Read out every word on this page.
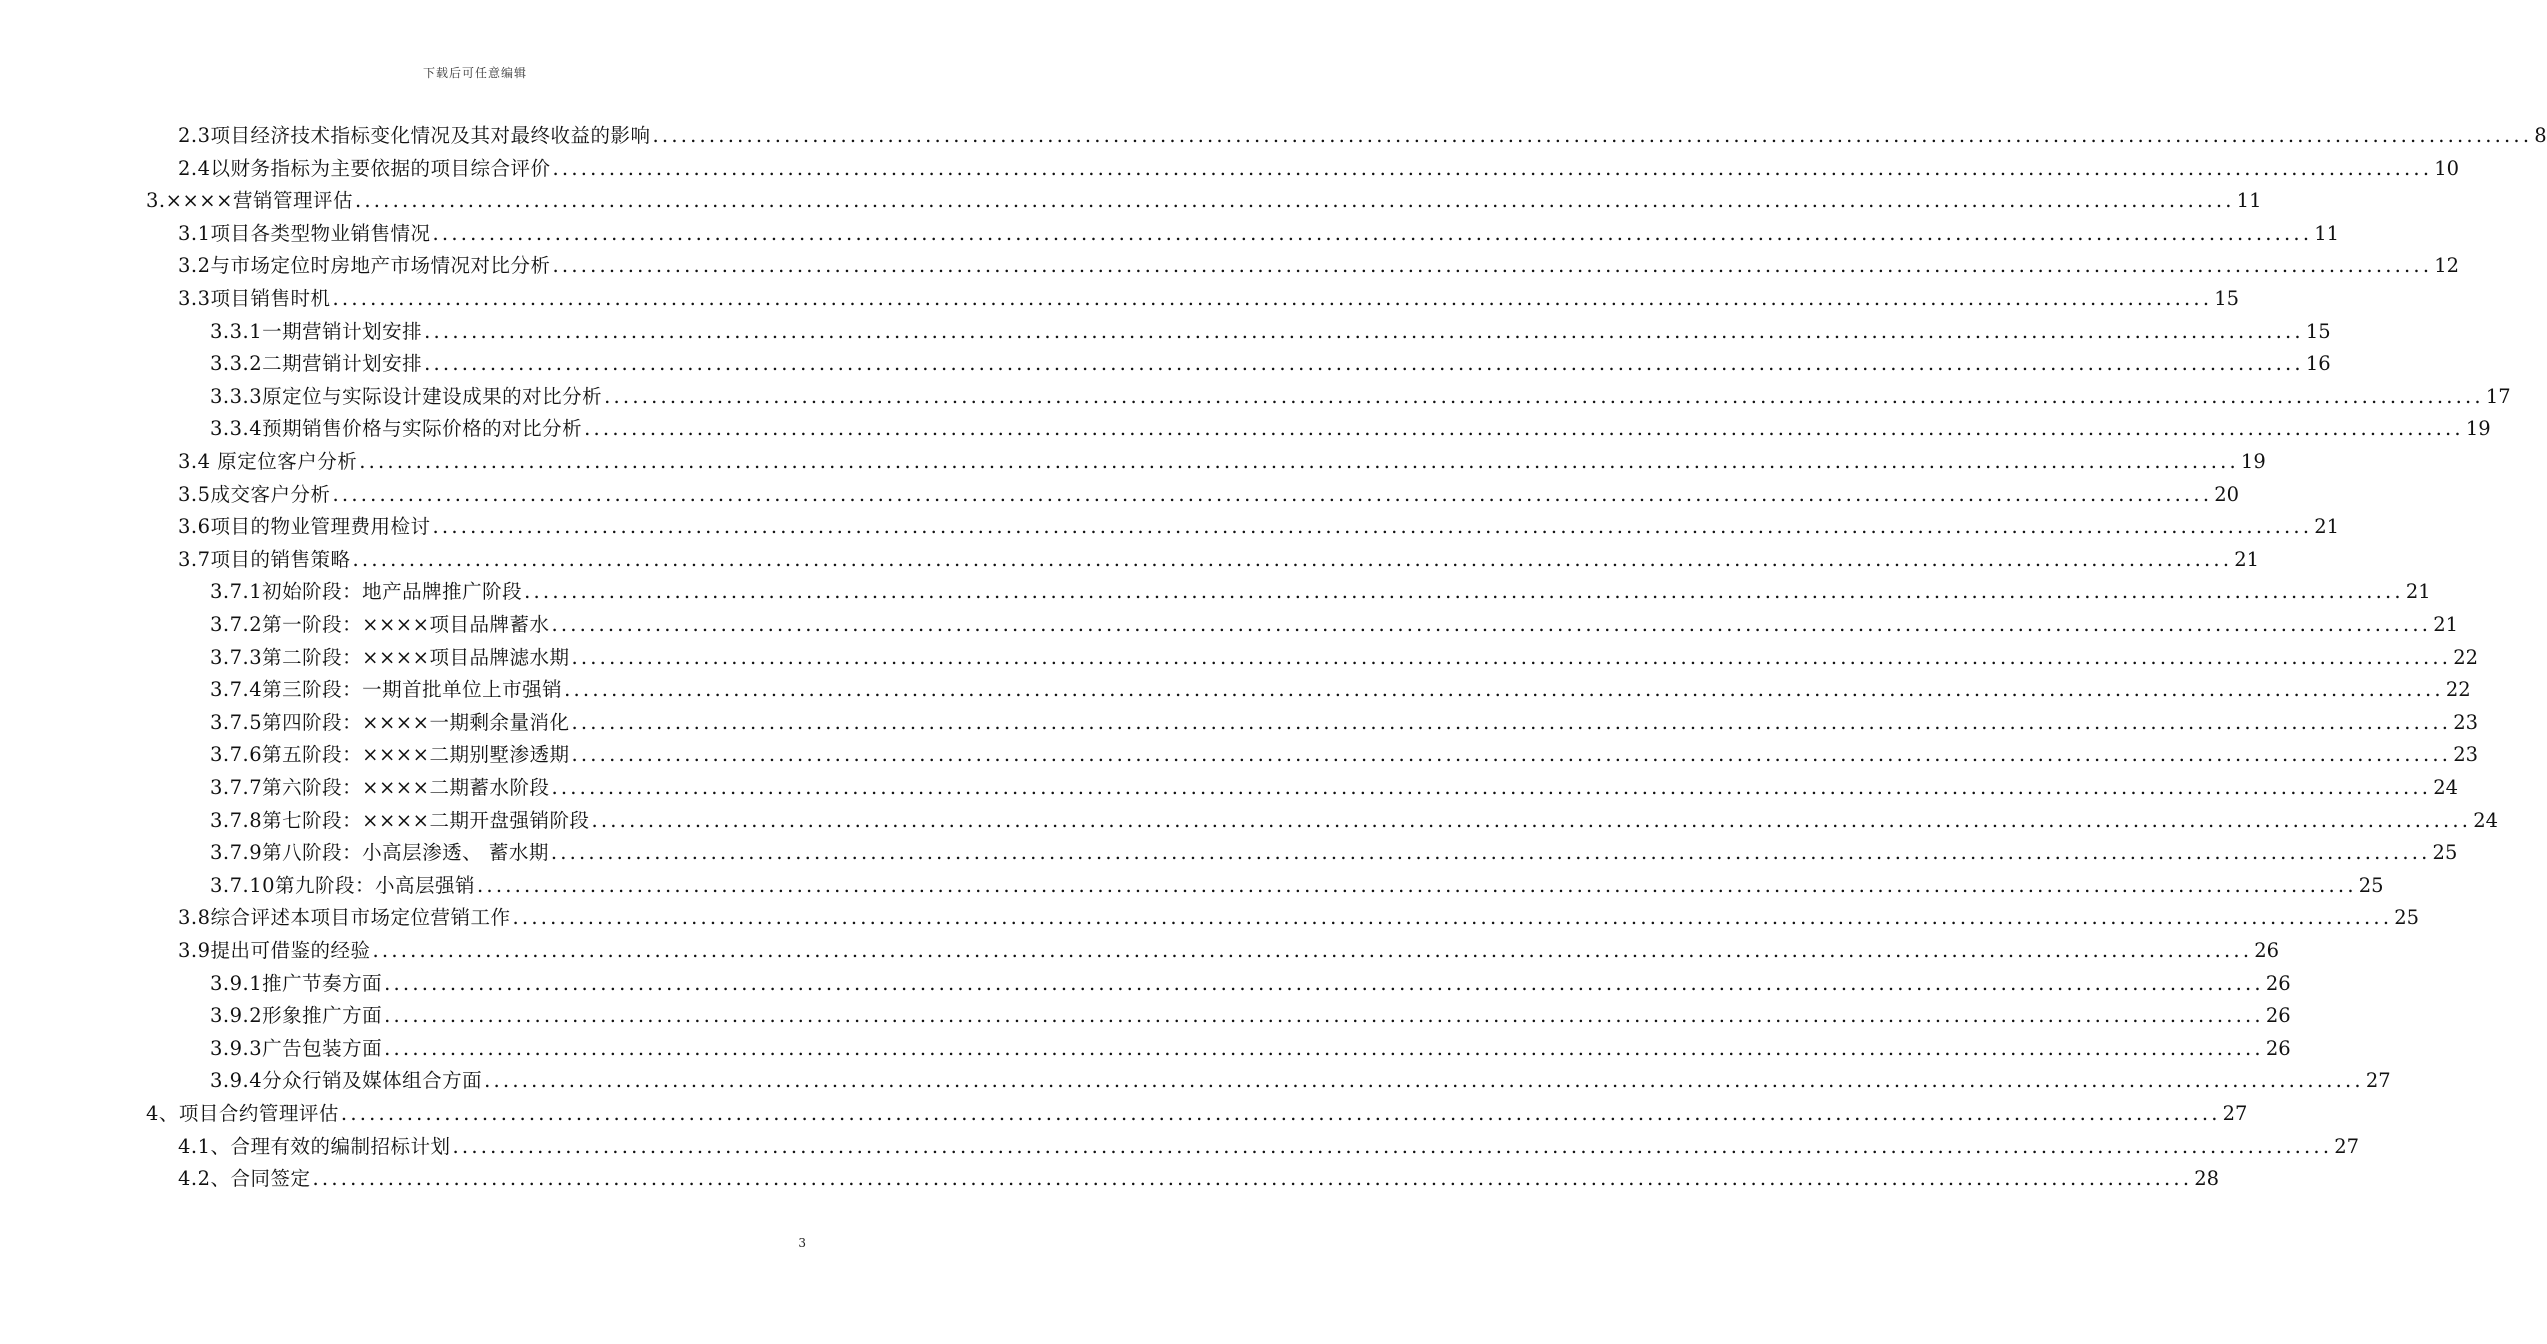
下载后可任意编辑
2.3项目经济技术指标变化情况及其对最终收益的影响 ........................................................................................................................................................................................................ 8
2.4以财务指标为主要依据的项目综合评价 ........................................................................................................................................................................................................ 10
3.××××营销管理评估 ........................................................................................................................................................................................................ 11
3.1项目各类型物业销售情况 ........................................................................................................................................................................................................ 11
3.2与市场定位时房地产市场情况对比分析 ........................................................................................................................................................................................................ 12
3.3项目销售时机 ........................................................................................................................................................................................................ 15
3.3.1一期营销计划安排 ........................................................................................................................................................................................................ 15
3.3.2二期营销计划安排 ........................................................................................................................................................................................................ 16
3.3.3原定位与实际设计建设成果的对比分析 ........................................................................................................................................................................................................ 17
3.3.4预期销售价格与实际价格的对比分析 ........................................................................................................................................................................................................ 19
3.4 原定位客户分析 ........................................................................................................................................................................................................ 19
3.5成交客户分析 ........................................................................................................................................................................................................ 20
3.6项目的物业管理费用检讨 ........................................................................................................................................................................................................ 21
3.7项目的销售策略 ........................................................................................................................................................................................................ 21
3.7.1初始阶段：地产品牌推广阶段 ........................................................................................................................................................................................................ 21
3.7.2第一阶段：××××项目品牌蓄水 ........................................................................................................................................................................................................ 21
3.7.3第二阶段：××××项目品牌滤水期 ........................................................................................................................................................................................................ 22
3.7.4第三阶段：一期首批单位上市强销 ........................................................................................................................................................................................................ 22
3.7.5第四阶段：××××一期剩余量消化 ........................................................................................................................................................................................................ 23
3.7.6第五阶段：××××二期别墅渗透期 ........................................................................................................................................................................................................ 23
3.7.7第六阶段：××××二期蓄水阶段 ........................................................................................................................................................................................................ 24
3.7.8第七阶段：××××二期开盘强销阶段 ........................................................................................................................................................................................................ 24
3.7.9第八阶段：小高层渗透、 蓄水期 ........................................................................................................................................................................................................ 25
3.7.10第九阶段：小高层强销 ........................................................................................................................................................................................................ 25
3.8综合评述本项目市场定位营销工作 ........................................................................................................................................................................................................ 25
3.9提出可借鉴的经验 ........................................................................................................................................................................................................ 26
3.9.1推广节奏方面 ........................................................................................................................................................................................................ 26
3.9.2形象推广方面 ........................................................................................................................................................................................................ 26
3.9.3广告包装方面 ........................................................................................................................................................................................................ 26
3.9.4分众行销及媒体组合方面 ........................................................................................................................................................................................................ 27
4、项目合约管理评估 ........................................................................................................................................................................................................ 27
4.1、合理有效的编制招标计划 ........................................................................................................................................................................................................ 27
4.2、合同签定 ........................................................................................................................................................................................................ 28
3
